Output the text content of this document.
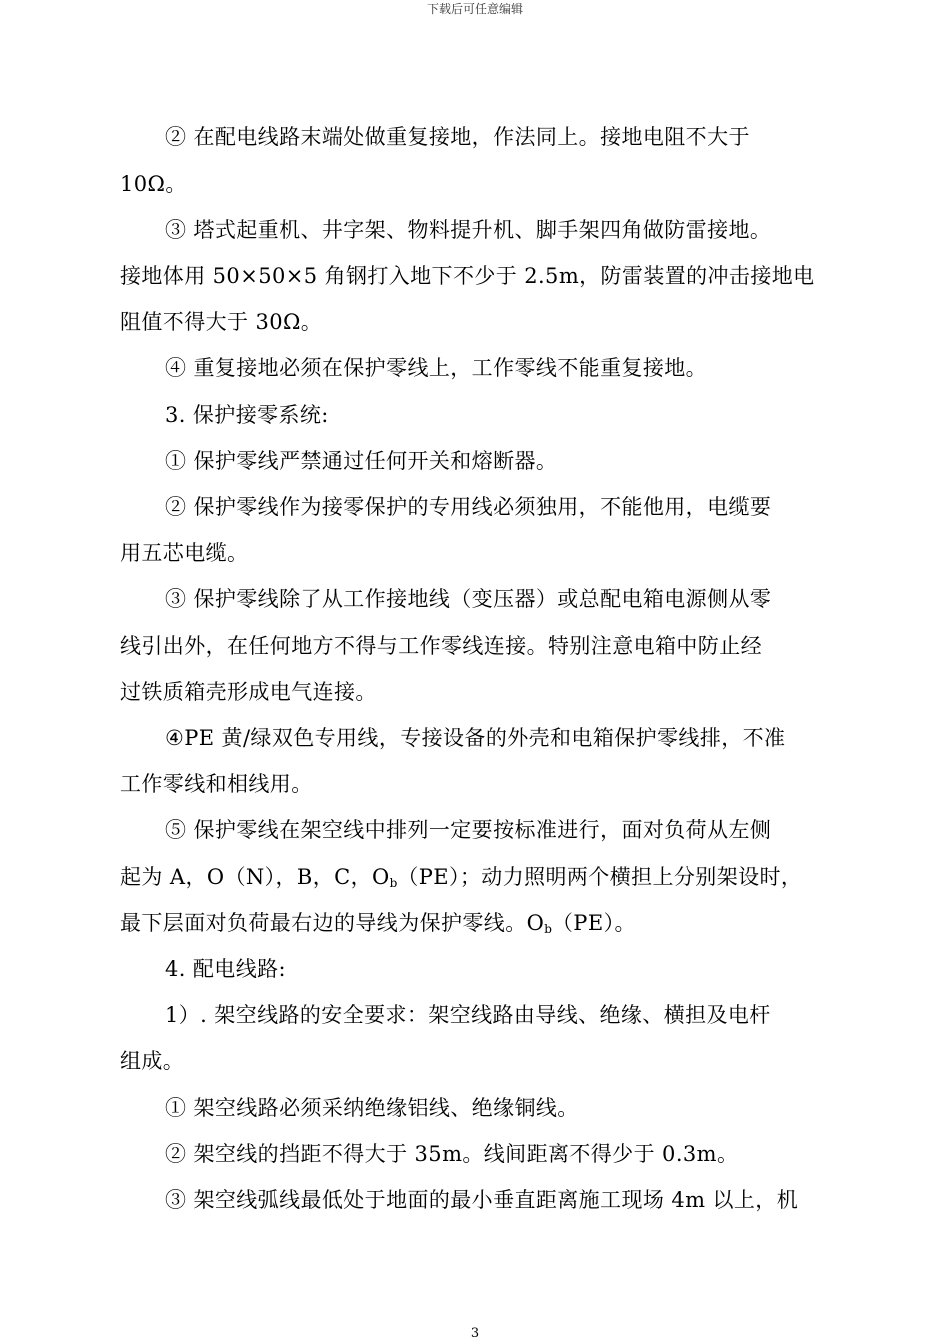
下载后可任意编辑
② 在配电线路末端处做重复接地，作法同上。接地电阻不大于
10Ω。
③ 塔式起重机、井字架、物料提升机、脚手架四角做防雷接地。
接地体用 50×50×5 角钢打入地下不少于 2.5m，防雷装置的冲击接地电
阻值不得大于 30Ω。
④ 重复接地必须在保护零线上，工作零线不能重复接地。
3. 保护接零系统:
① 保护零线严禁通过任何开关和熔断器。
② 保护零线作为接零保护的专用线必须独用，不能他用，电缆要
用五芯电缆。
③ 保护零线除了从工作接地线（变压器）或总配电箱电源侧从零
线引出外，在任何地方不得与工作零线连接。特别注意电箱中防止经
过铁质箱壳形成电气连接。
④PE 黄/绿双色专用线，专接设备的外壳和电箱保护零线排，不准
工作零线和相线用。
⑤ 保护零线在架空线中排列一定要按标准进行，面对负荷从左侧
起为 A，O（N），B，C，$O_b(PE)$；动力照明两个横担上分别架设时，
最下层面对负荷最右边的导线为保护零线。$O_b(PE)$。
4. 配电线路:
1）. 架空线路的安全要求：架空线路由导线、绝缘、横担及电杆
组成。
① 架空线路必须采纳绝缘铝线、绝缘铜线。
② 架空线的挡距不得大于 35m。线间距离不得少于 0.3m。
③ 架空线弧线最低处于地面的最小垂直距离施工现场 4m 以上，机
3
